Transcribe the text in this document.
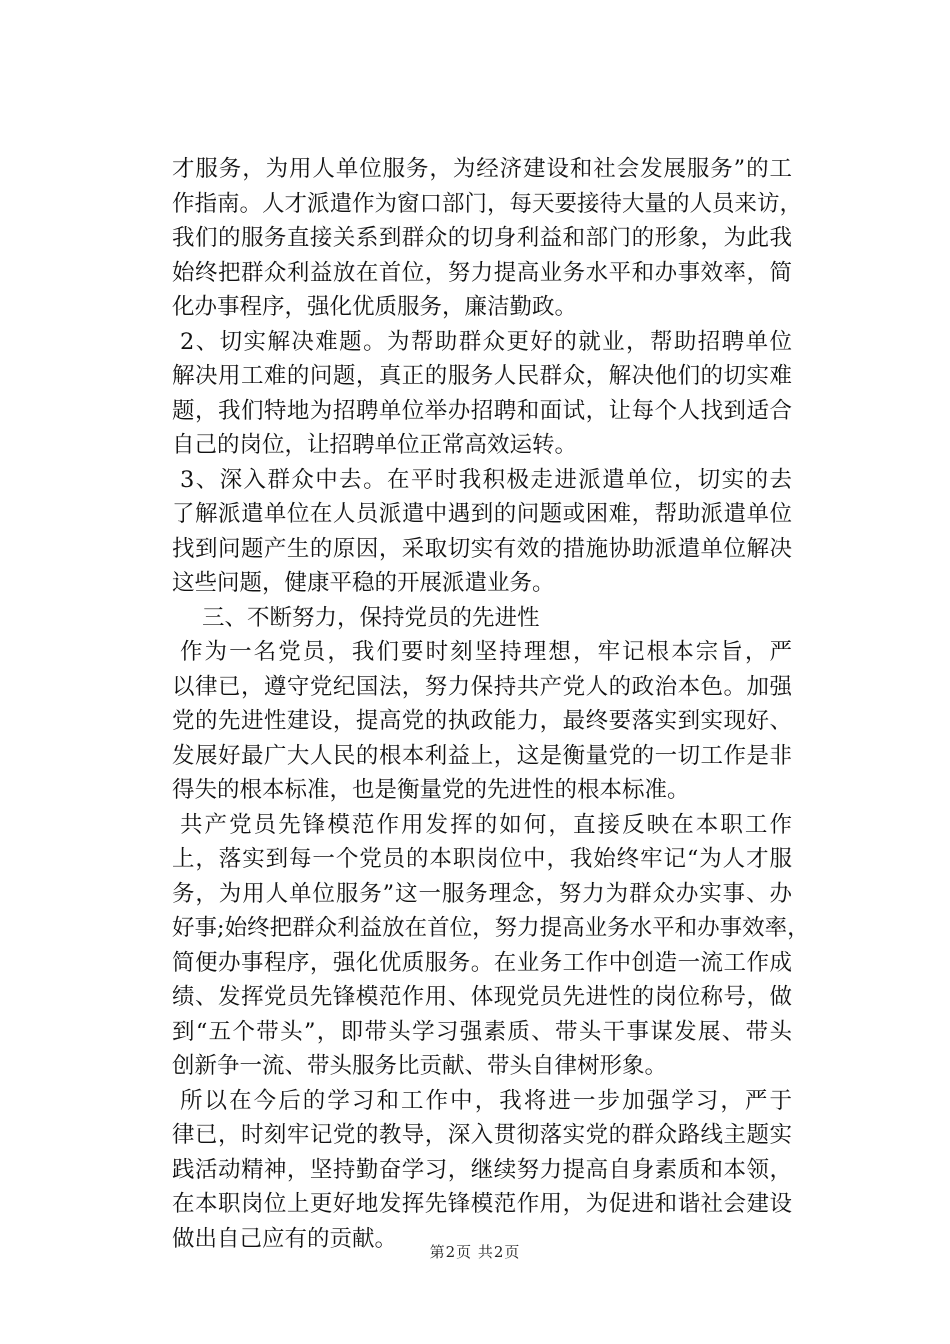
才服务，为用人单位服务，为经济建设和社会发展服务”的工
作指南。人才派遣作为窗口部门，每天要接待大量的人员来访，
我们的服务直接关系到群众的切身利益和部门的形象，为此我
始终把群众利益放在首位，努力提高业务水平和办事效率，简
化办事程序，强化优质服务，廉洁勤政。
2、切实解决难题。为帮助群众更好的就业，帮助招聘单位
解决用工难的问题，真正的服务人民群众，解决他们的切实难
题，我们特地为招聘单位举办招聘和面试，让每个人找到适合
自己的岗位，让招聘单位正常高效运转。
3、深入群众中去。在平时我积极走进派遣单位，切实的去
了解派遣单位在人员派遣中遇到的问题或困难，帮助派遣单位
找到问题产生的原因，采取切实有效的措施协助派遣单位解决
这些问题，健康平稳的开展派遣业务。
三、不断努力，保持党员的先进性
作为一名党员，我们要时刻坚持理想，牢记根本宗旨，严
以律已，遵守党纪国法，努力保持共产党人的政治本色。加强
党的先进性建设，提高党的执政能力，最终要落实到实现好、
发展好最广大人民的根本利益上，这是衡量党的一切工作是非
得失的根本标准，也是衡量党的先进性的根本标准。
共产党员先锋模范作用发挥的如何，直接反映在本职工作
上，落实到每一个党员的本职岗位中，我始终牢记“为人才服
务，为用人单位服务”这一服务理念，努力为群众办实事、办
好事;始终把群众利益放在首位，努力提高业务水平和办事效率，
简便办事程序，强化优质服务。在业务工作中创造一流工作成
绩、发挥党员先锋模范作用、体现党员先进性的岗位称号，做
到“五个带头”，即带头学习强素质、带头干事谋发展、带头
创新争一流、带头服务比贡献、带头自律树形象。
所以在今后的学习和工作中，我将进一步加强学习，严于
律已，时刻牢记党的教导，深入贯彻落实党的群众路线主题实
践活动精神，坚持勤奋学习，继续努力提高自身素质和本领，
在本职岗位上更好地发挥先锋模范作用，为促进和谐社会建设
做出自己应有的贡献。
第2页 共2页
